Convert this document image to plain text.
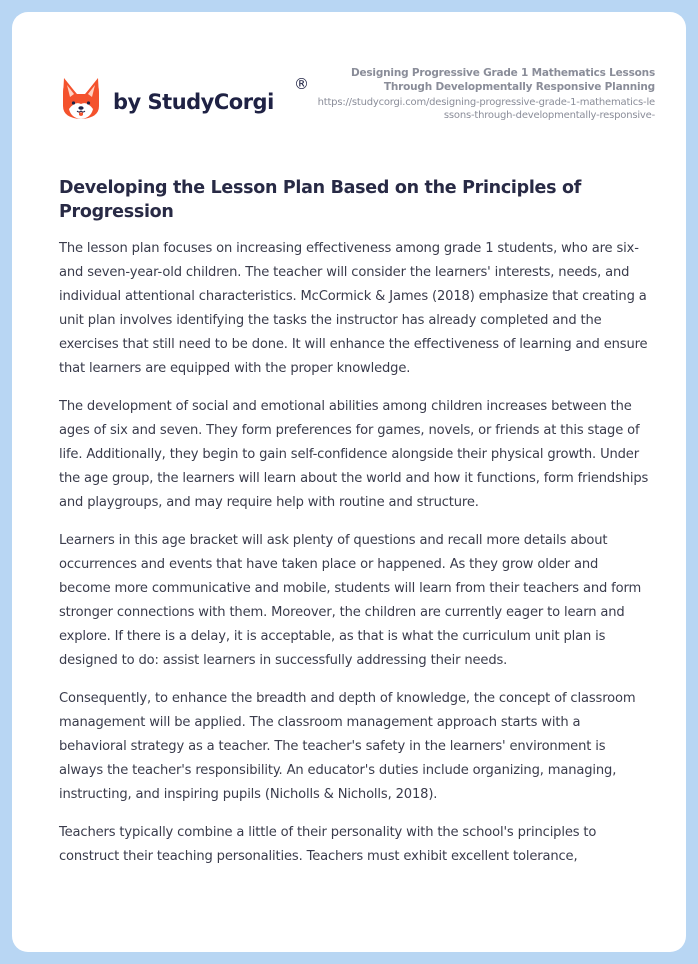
by StudyCorgi
®
Designing Progressive Grade 1 Mathematics Lessons Through Developmentally Responsive Planning
https://studycorgi.com/designing-progressive-grade-1-mathematics-lessons-through-developmentally-responsive-
Developing the Lesson Plan Based on the Principles of Progression

The lesson plan focuses on increasing effectiveness among grade 1 students, who are six- and seven-year-old children. The teacher will consider the learners' interests, needs, and individual attentional characteristics. McCormick & James (2018) emphasize that creating a unit plan involves identifying the tasks the instructor has already completed and the exercises that still need to be done. It will enhance the effectiveness of learning and ensure that learners are equipped with the proper knowledge.

The development of social and emotional abilities among children increases between the ages of six and seven. They form preferences for games, novels, or friends at this stage of life. Additionally, they begin to gain self-confidence alongside their physical growth. Under the age group, the learners will learn about the world and how it functions, form friendships and playgroups, and may require help with routine and structure.

Learners in this age bracket will ask plenty of questions and recall more details about occurrences and events that have taken place or happened. As they grow older and become more communicative and mobile, students will learn from their teachers and form stronger connections with them. Moreover, the children are currently eager to learn and explore. If there is a delay, it is acceptable, as that is what the curriculum unit plan is designed to do: assist learners in successfully addressing their needs.

Consequently, to enhance the breadth and depth of knowledge, the concept of classroom management will be applied. The classroom management approach starts with a behavioral strategy as a teacher. The teacher's safety in the learners' environment is always the teacher's responsibility. An educator's duties include organizing, managing, instructing, and inspiring pupils (Nicholls & Nicholls, 2018).

Teachers typically combine a little of their personality with the school's principles to construct their teaching personalities. Teachers must exhibit excellent tolerance,
